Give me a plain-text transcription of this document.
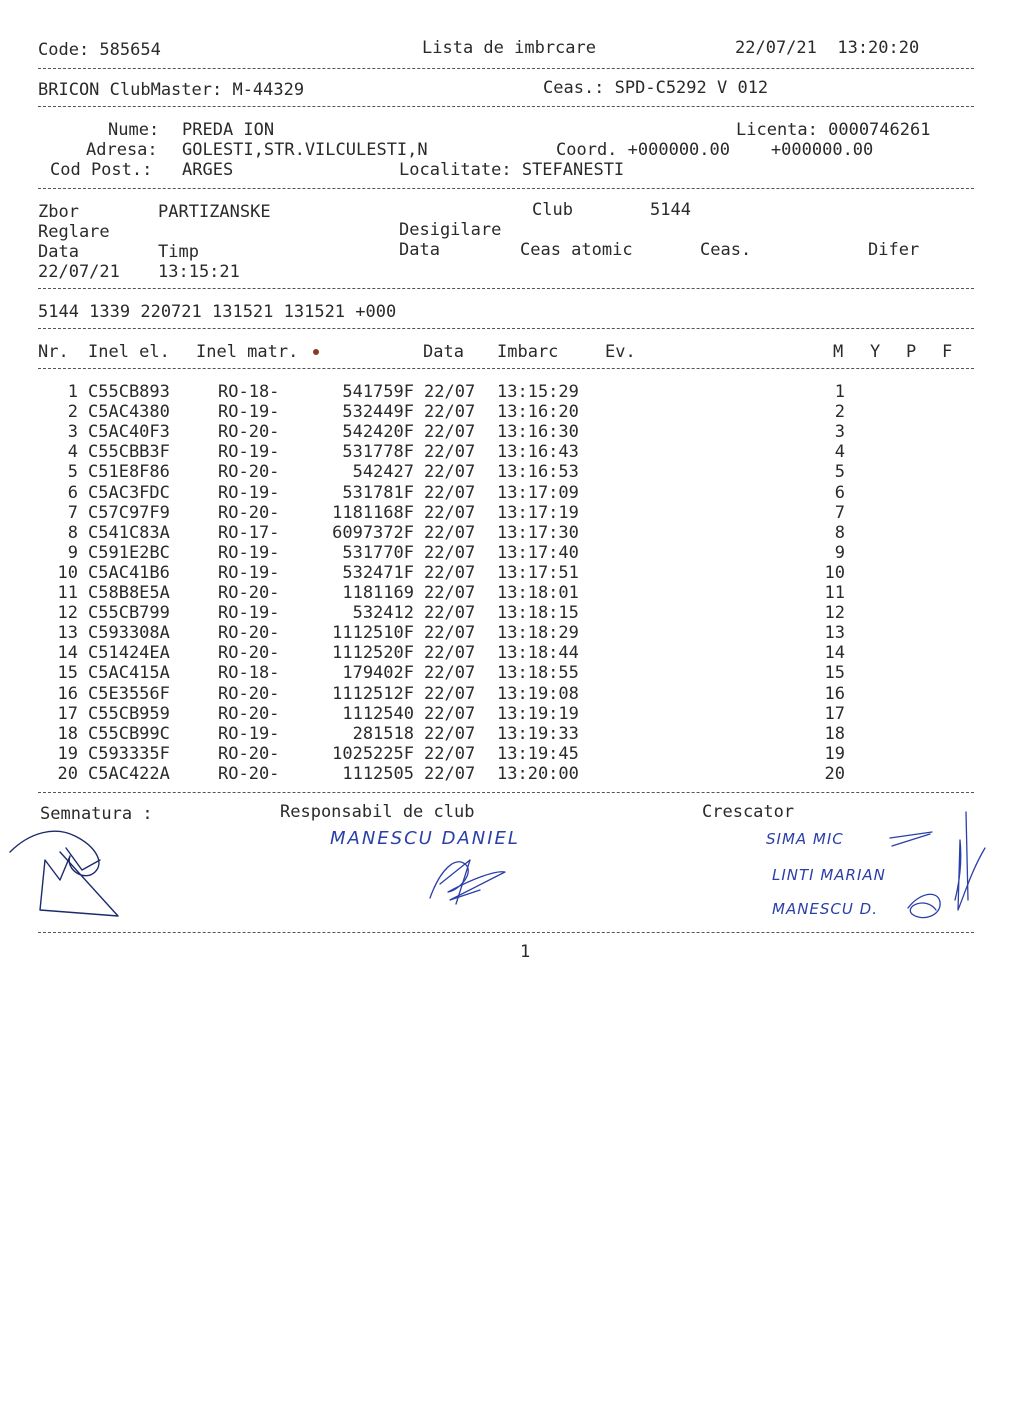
Code: 585654	Lista de imbrcare	22/07/21  13:20:20
BRICON ClubMaster: M-44329	Ceas.: SPD-C5292 V 012
Nume: PREDA ION	Licenta: 0000746261
Adresa: GOLESTI,STR.VILCULESTI,N	Coord. +000000.00    +000000.00
Cod Post.: ARGES	Localitate: STEFANESTI
Zbor	PARTIZANSKE	Club	5144
Reglare	Desigilare
Data	Timp	Data	Ceas atomic	Ceas.	Difer
22/07/21 13:15:21
5144 1339 220721 131521 131521 +000
Nr. Inel el. Inel matr.	Data Imbarc	Ev.	M Y P F
1 C55CB893	RO-18-	541759F 22/07 13:15:29	1
2 C5AC4380	RO-19-	532449F 22/07 13:16:20	2
3 C5AC40F3	RO-20-	542420F 22/07 13:16:30	3
4 C55CBB3F	RO-19-	531778F 22/07 13:16:43	4
5 C51E8F86	RO-20-	542427 22/07 13:16:53	5
6 C5AC3FDC	RO-19-	531781F 22/07 13:17:09	6
7 C57C97F9	RO-20-	1181168F 22/07 13:17:19	7
8 C541C83A	RO-17-	6097372F 22/07 13:17:30	8
9 C591E2BC	RO-19-	531770F 22/07 13:17:40	9
10 C5AC41B6	RO-19-	532471F 22/07 13:17:51	10
11 C58B8E5A	RO-20-	1181169 22/07 13:18:01	11
12 C55CB799	RO-19-	532412 22/07 13:18:15	12
13 C593308A	RO-20-	1112510F 22/07 13:18:29	13
14 C51424EA	RO-20-	1112520F 22/07 13:18:44	14
15 C5AC415A	RO-18-	179402F 22/07 13:18:55	15
16 C5E3556F	RO-20-	1112512F 22/07 13:19:08	16
17 C55CB959	RO-20-	1112540 22/07 13:19:19	17
18 C55CB99C	RO-19-	281518 22/07 13:19:33	18
19 C593335F	RO-20-	1025225F 22/07 13:19:45	19
20 C5AC422A	RO-20-	1112505 22/07 13:20:00	20
Semnatura :	Responsabil de club	Crescator
MANESCU DANIEL	SIMA MIC
LINTI MARIAN
MANESCU D.
1
